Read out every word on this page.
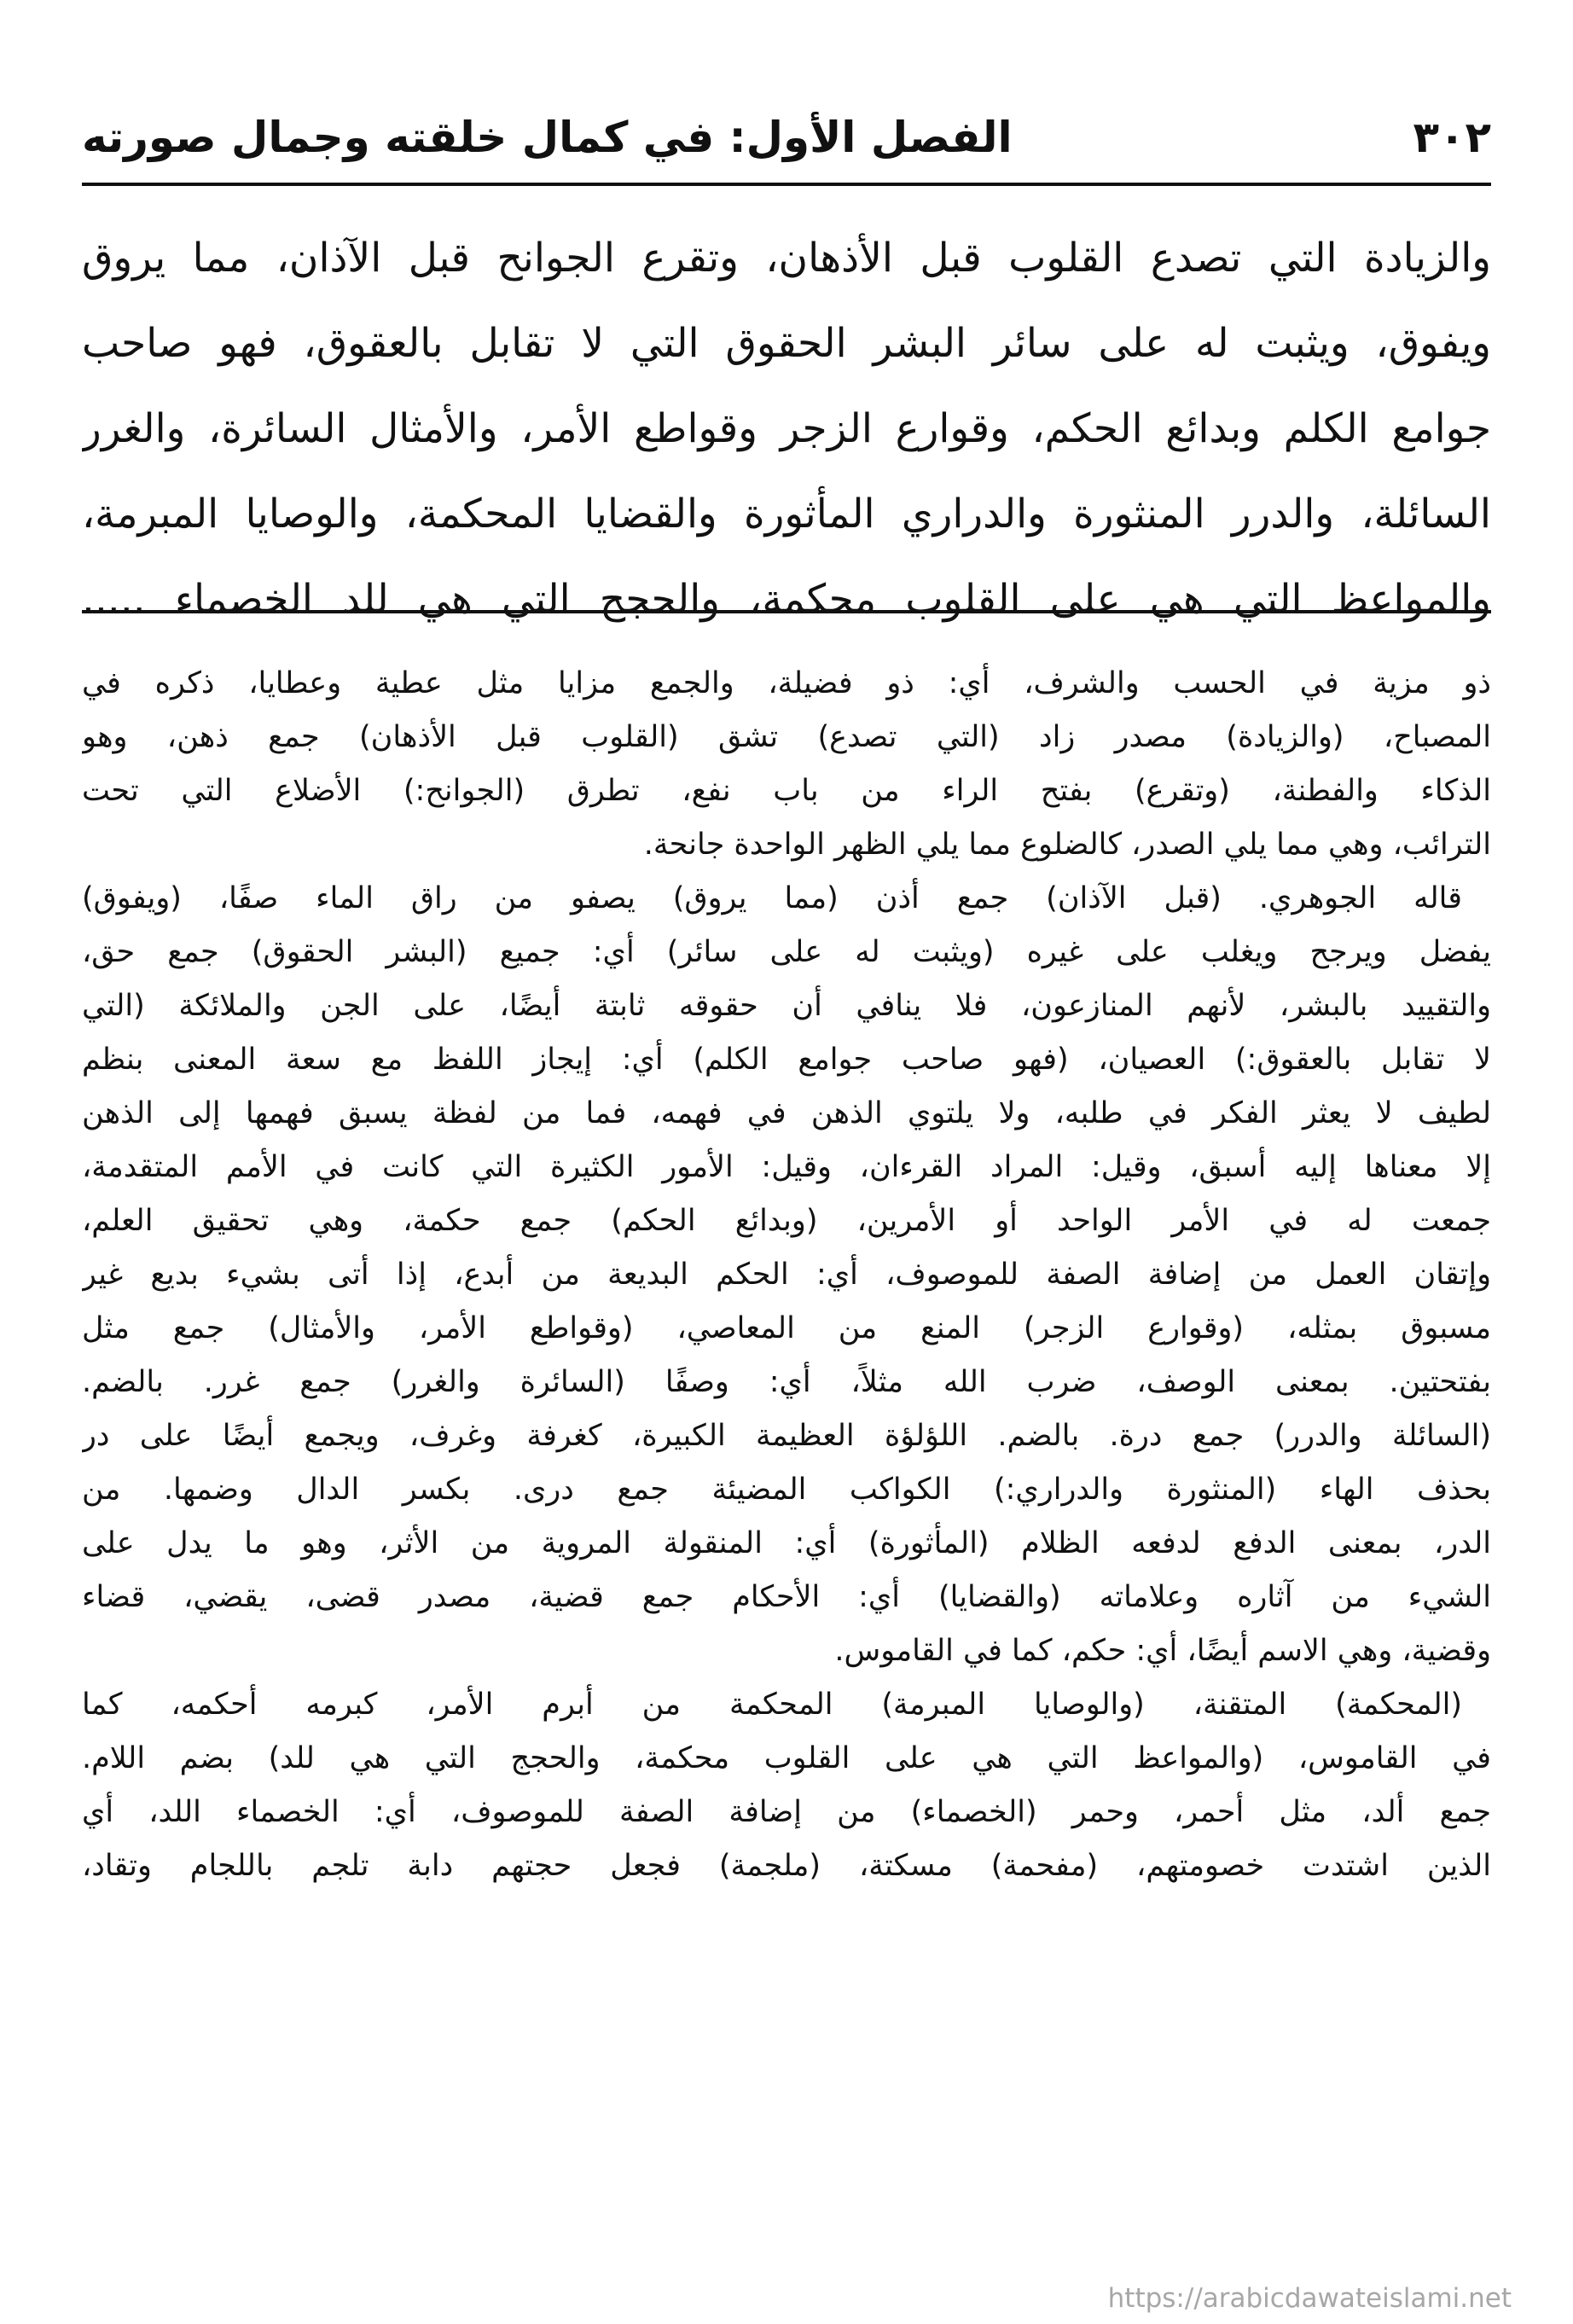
٣٠٢
الفصل الأول: في كمال خلقته وجمال صورته
والزيادة التي تصدع القلوب قبل الأذهان، وتقرع الجوانح قبل الآذان، مما يروق
ويفوق، ويثبت له على سائر البشر الحقوق التي لا تقابل بالعقوق، فهو صاحب
جوامع الكلم وبدائع الحكم، وقوارع الزجر وقواطع الأمر، والأمثال السائرة، والغرر
السائلة، والدرر المنثورة والدراري المأثورة والقضايا المحكمة، والوصايا المبرمة،
والمواعظ التي هي على القلوب محكمة، والحجج التي هي للد الخصماء .....
ذو مزية في الحسب والشرف، أي: ذو فضيلة، والجمع مزايا مثل عطية وعطايا، ذكره في
المصباح، (والزيادة) مصدر زاد (التي تصدع) تشق (القلوب قبل الأذهان) جمع ذهن، وهو
الذكاء والفطنة، (وتقرع) بفتح الراء من باب نفع، تطرق (الجوانح:) الأضلاع التي تحت
الترائب، وهي مما يلي الصدر، كالضلوع مما يلي الظهر الواحدة جانحة.
قاله الجوهري. (قبل الآذان) جمع أذن (مما يروق) يصفو من راق الماء صفًا، (ويفوق)
يفضل ويرجح ويغلب على غيره (ويثبت له على سائر) أي: جميع (البشر الحقوق) جمع حق،
والتقييد بالبشر، لأنهم المنازعون، فلا ينافي أن حقوقه ثابتة أيضًا، على الجن والملائكة (التي
لا تقابل بالعقوق:) العصيان، (فهو صاحب جوامع الكلم) أي: إيجاز اللفظ مع سعة المعنى بنظم
لطيف لا يعثر الفكر في طلبه، ولا يلتوي الذهن في فهمه، فما من لفظة يسبق فهمها إلى الذهن
إلا معناها إليه أسبق، وقيل: المراد القرءان، وقيل: الأمور الكثيرة التي كانت في الأمم المتقدمة،
جمعت له في الأمر الواحد أو الأمرين، (وبدائع الحكم) جمع حكمة، وهي تحقيق العلم،
وإتقان العمل من إضافة الصفة للموصوف، أي: الحكم البديعة من أبدع، إذا أتى بشيء بديع غير
مسبوق بمثله، (وقوارع الزجر) المنع من المعاصي، (وقواطع الأمر، والأمثال) جمع مثل
بفتحتين. بمعنى الوصف، ضرب الله مثلاً، أي: وصفًا (السائرة والغرر) جمع غرر. بالضم.
(السائلة والدرر) جمع درة. بالضم. اللؤلؤة العظيمة الكبيرة، كغرفة وغرف، ويجمع أيضًا على در
بحذف الهاء (المنثورة والدراري:) الكواكب المضيئة جمع درى. بكسر الدال وضمها. من
الدر، بمعنى الدفع لدفعه الظلام (المأثورة) أي: المنقولة المروية من الأثر، وهو ما يدل على
الشيء من آثاره وعلاماته (والقضايا) أي: الأحكام جمع قضية، مصدر قضى، يقضي، قضاء
وقضية، وهي الاسم أيضًا، أي: حكم، كما في القاموس.
(المحكمة) المتقنة، (والوصايا المبرمة) المحكمة من أبرم الأمر، كبرمه أحكمه، كما
في القاموس، (والمواعظ التي هي على القلوب محكمة، والحجج التي هي للد) بضم اللام.
جمع ألد، مثل أحمر، وحمر (الخصماء) من إضافة الصفة للموصوف، أي: الخصماء اللد، أي
الذين اشتدت خصومتهم، (مفحمة) مسكتة، (ملجمة) فجعل حجتهم دابة تلجم باللجام وتقاد،
https://arabicdawateislami.net
